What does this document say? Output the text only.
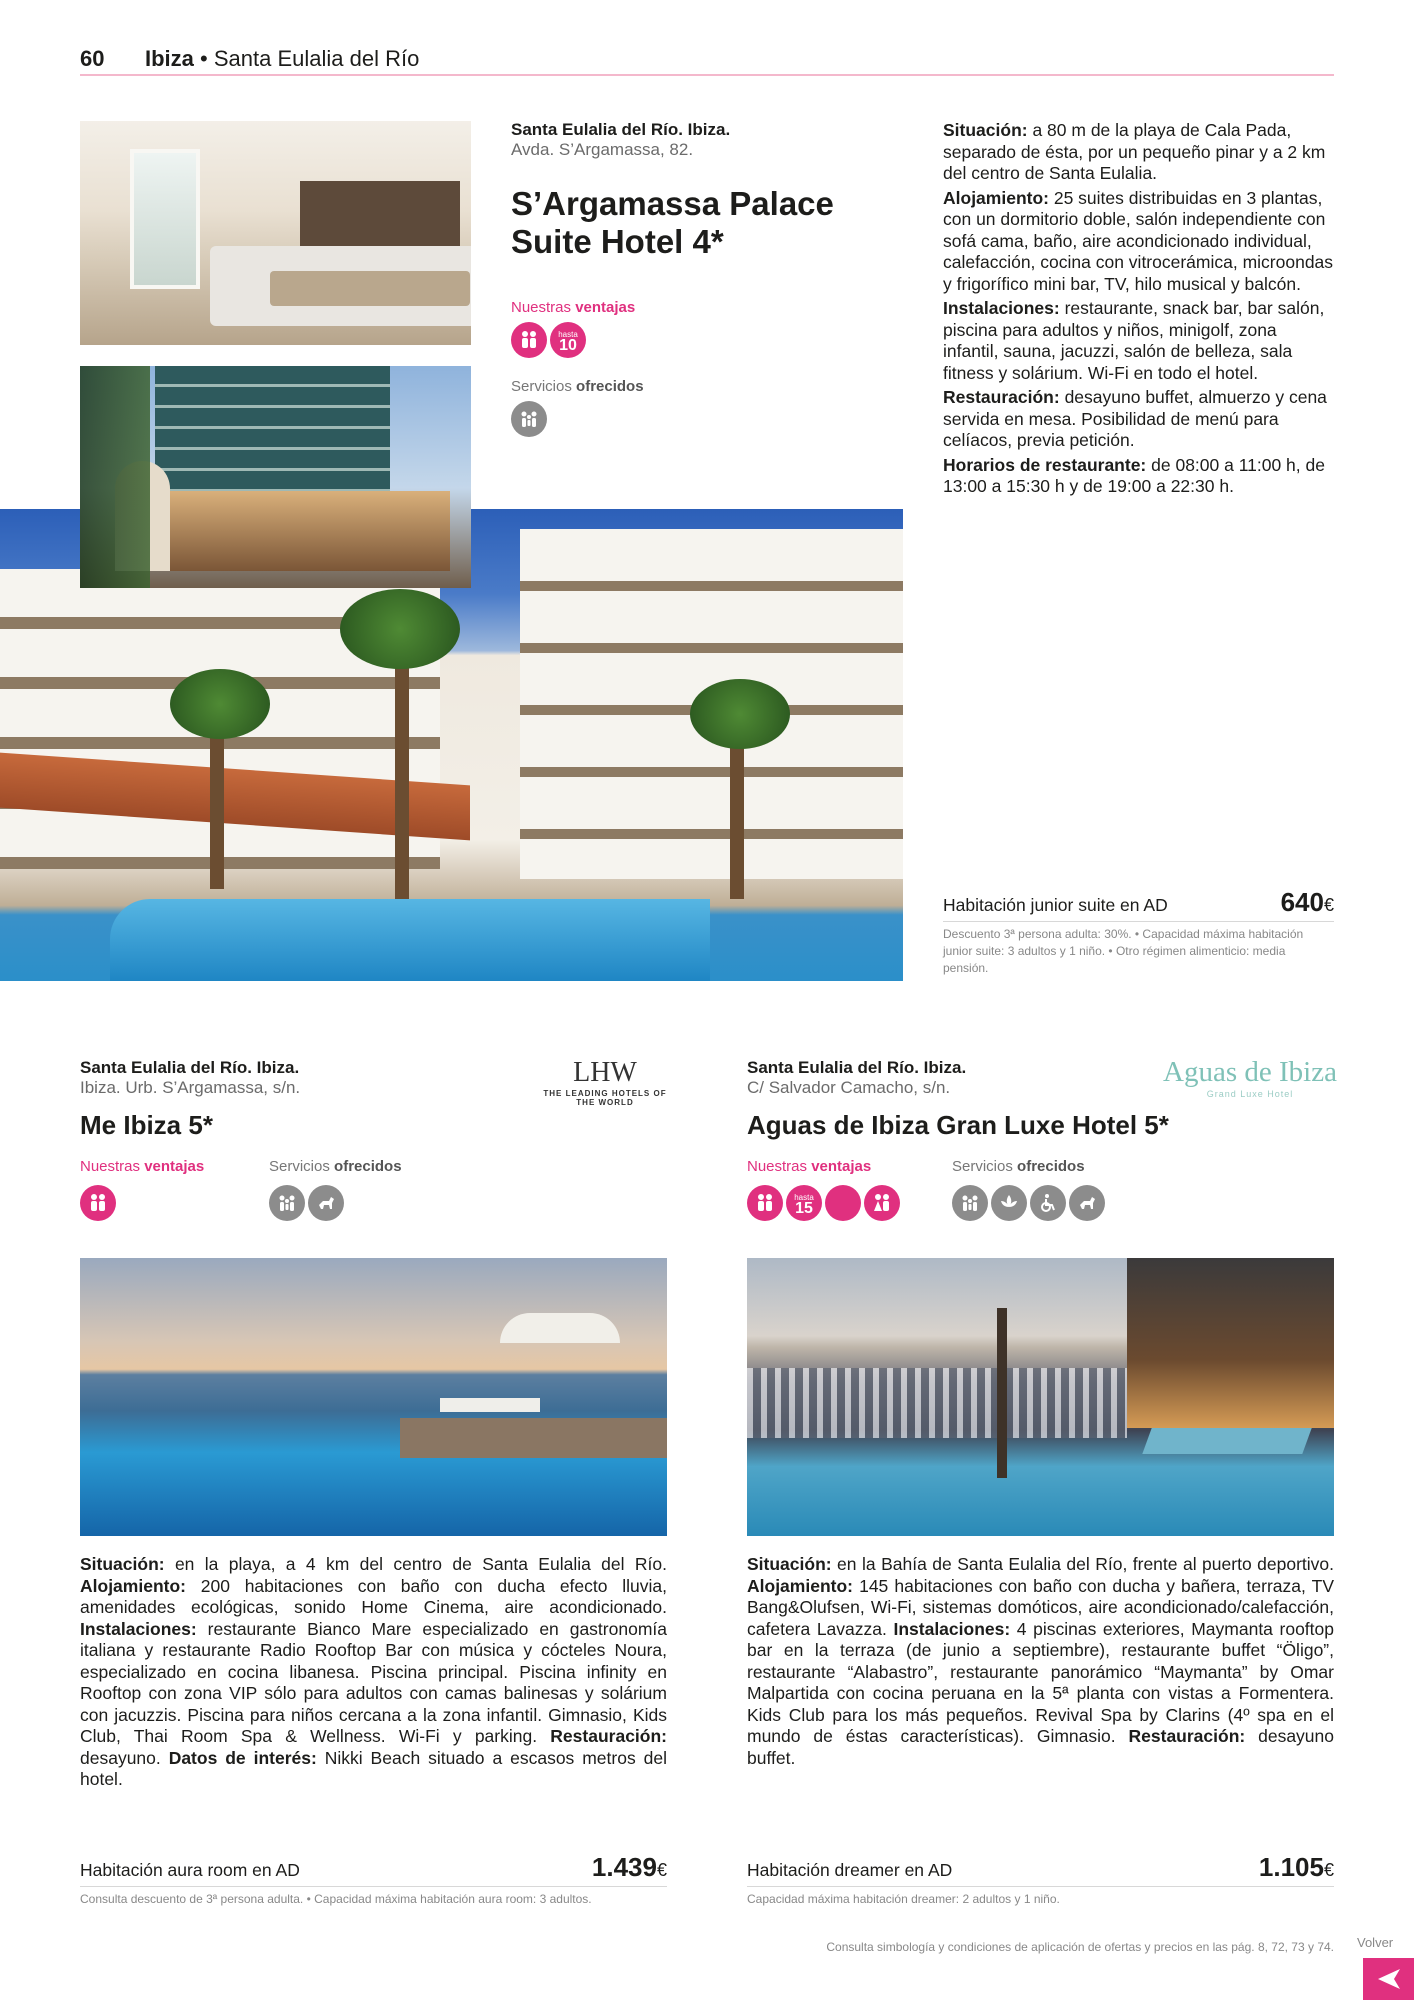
60 Ibiza • Santa Eulalia del Río
Santa Eulalia del Río. Ibiza.
Avda. S’Argamassa, 82.
S’Argamassa Palace
Suite Hotel 4*
Nuestras ventajas
hasta
10
Servicios ofrecidos

Situación: a 80 m de la playa de Cala Pada, separado de ésta, por un pequeño pinar y a 2 km del centro de Santa Eulalia.

Alojamiento: 25 suites distribuidas en 3 plantas, con un dormitorio doble, salón independiente con sofá cama, baño, aire acondicionado individual, calefacción, cocina con vitrocerámica, microondas y frigorífico mini bar, TV, hilo musical y balcón.

Instalaciones: restaurante, snack bar, bar salón, piscina para adultos y niños, minigolf, zona infantil, sauna, jacuzzi, salón de belleza, sala fitness y solárium. Wi-Fi en todo el hotel.

Restauración: desayuno buffet, almuerzo y cena servida en mesa. Posibilidad de menú para celíacos, previa petición.

Horarios de restaurante: de 08:00 a 11:00 h, de 13:00 a 15:30 h y de 19:00 a 22:30 h.

Habitación junior suite en AD	640€
Descuento 3ª persona adulta: 30%. • Capacidad máxima habitación junior suite: 3 adultos y 1 niño. • Otro régimen alimenticio: media pensión.
Santa Eulalia del Río. Ibiza.
Ibiza. Urb. S’Argamassa, s/n.
Me Ibiza 5*
LHW
THE LEADING HOTELS OF THE WORLD
Nuestras ventajas	Servicios ofrecidos
Situación: en la playa, a 4 km del centro de Santa Eulalia del Río. Alojamiento: 200 habitaciones con baño con ducha efecto lluvia, amenidades ecológicas, sonido Home Cinema, aire acondicionado. Instalaciones: restaurante Bianco Mare especializado en gastronomía italiana y restaurante Radio Rooftop Bar con música y cócteles Noura, especializado en cocina libanesa. Piscina principal. Piscina infinity en Rooftop con zona VIP sólo para adultos con camas balinesas y solárium con jacuzzis. Piscina para niños cercana a la zona infantil. Gimnasio, Kids Club, Thai Room Spa & Wellness. Wi-Fi y parking. Restauración: desayuno. Datos de interés: Nikki Beach situado a escasos metros del hotel.
Habitación aura room en AD	1.439€
Consulta descuento de 3ª persona adulta. • Capacidad máxima habitación aura room: 3 adultos.
Santa Eulalia del Río. Ibiza.
C/ Salvador Camacho, s/n.
Aguas de Ibiza Gran Luxe Hotel 5*
Aguas de Ibiza
Grand Luxe Hotel
Nuestras ventajas
hasta
15
Servicios ofrecidos
Situación: en la Bahía de Santa Eulalia del Río, frente al puerto deportivo. Alojamiento: 145 habitaciones con baño con ducha y bañera, terraza, TV Bang&Olufsen, Wi-Fi, sistemas domóticos, aire acondicionado/calefacción, cafetera Lavazza. Instalaciones: 4 piscinas exteriores, Maymanta rooftop bar en la terraza (de junio a septiembre), restaurante buffet “Öligo”, restaurante “Alabastro”, restaurante panorámico “Maymanta” by Omar Malpartida con cocina peruana en la 5ª planta con vistas a Formentera. Kids Club para los más pequeños. Revival Spa by Clarins (4º spa en el mundo de éstas características). Gimnasio. Restauración: desayuno buffet.
Habitación dreamer en AD	1.105€
Capacidad máxima habitación dreamer: 2 adultos y 1 niño.
Consulta simbología y condiciones de aplicación de ofertas y precios en las pág. 8, 72, 73 y 74. Volver
